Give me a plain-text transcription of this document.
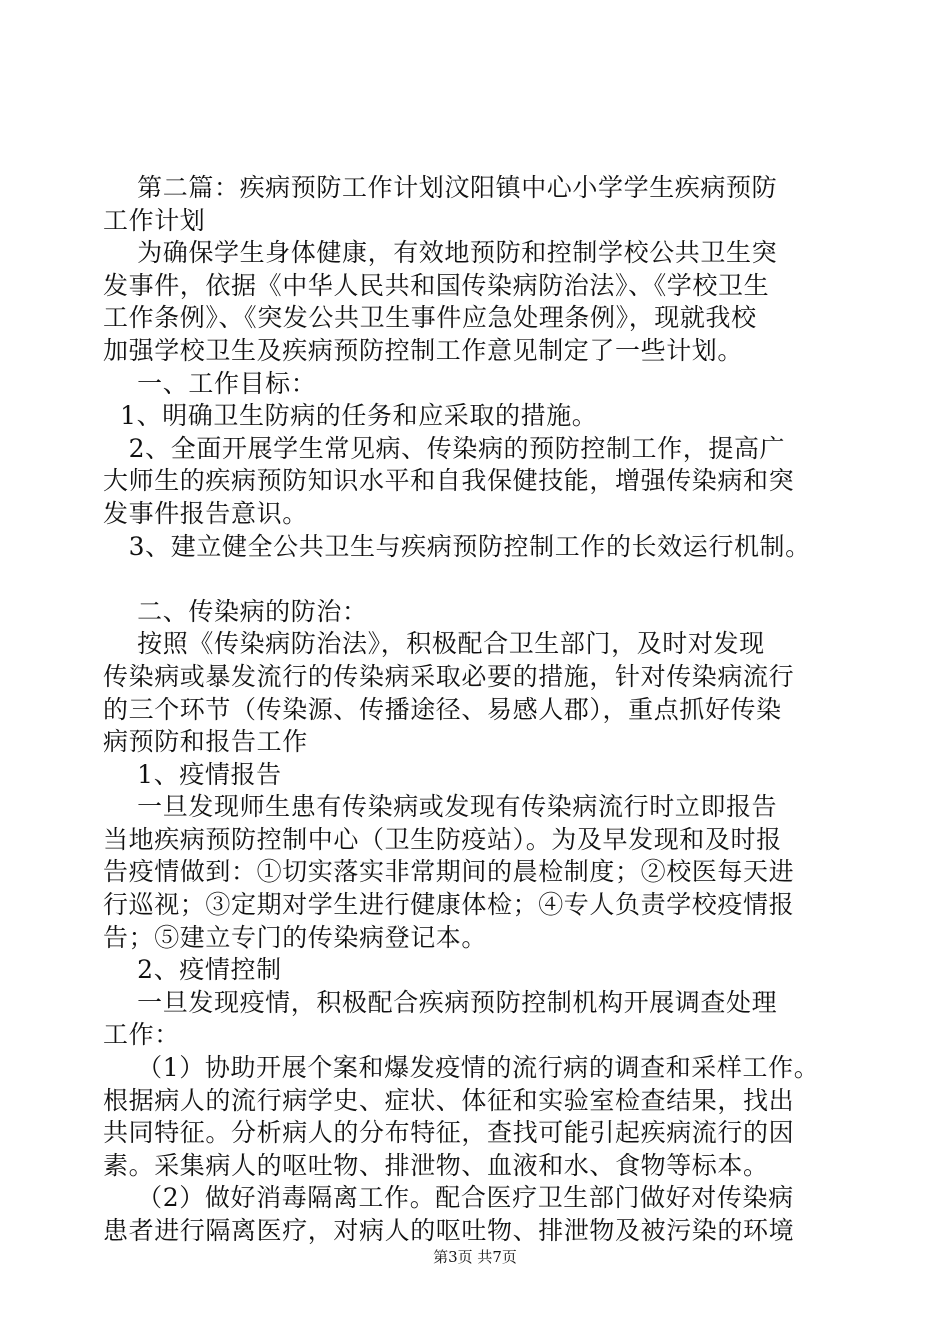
第二篇：疾病预防工作计划汶阳镇中心小学学生疾病预防
工作计划
为确保学生身体健康，有效地预防和控制学校公共卫生突
发事件，依据《中华人民共和国传染病防治法》、《学校卫生
工作条例》、《突发公共卫生事件应急处理条例》，现就我校
加强学校卫生及疾病预防控制工作意见制定了一些计划。
一、工作目标：
1、明确卫生防病的任务和应采取的措施。
2、全面开展学生常见病、传染病的预防控制工作，提高广
大师生的疾病预防知识水平和自我保健技能，增强传染病和突
发事件报告意识。
3、建立健全公共卫生与疾病预防控制工作的长效运行机制。
二、传染病的防治：
按照《传染病防治法》，积极配合卫生部门，及时对发现
传染病或暴发流行的传染病采取必要的措施，针对传染病流行
的三个环节（传染源、传播途径、易感人郡），重点抓好传染
病预防和报告工作
1、疫情报告
一旦发现师生患有传染病或发现有传染病流行时立即报告
当地疾病预防控制中心（卫生防疫站）。为及早发现和及时报
告疫情做到：①切实落实非常期间的晨检制度；②校医每天进
行巡视；③定期对学生进行健康体检；④专人负责学校疫情报
告；⑤建立专门的传染病登记本。
2、疫情控制
一旦发现疫情，积极配合疾病预防控制机构开展调查处理
工作：
（1）协助开展个案和爆发疫情的流行病的调查和采样工作。
根据病人的流行病学史、症状、体征和实验室检查结果，找出
共同特征。分析病人的分布特征，查找可能引起疾病流行的因
素。采集病人的呕吐物、排泄物、血液和水、食物等标本。
（2）做好消毒隔离工作。配合医疗卫生部门做好对传染病
患者进行隔离医疗，对病人的呕吐物、排泄物及被污染的环境
第3页 共7页
